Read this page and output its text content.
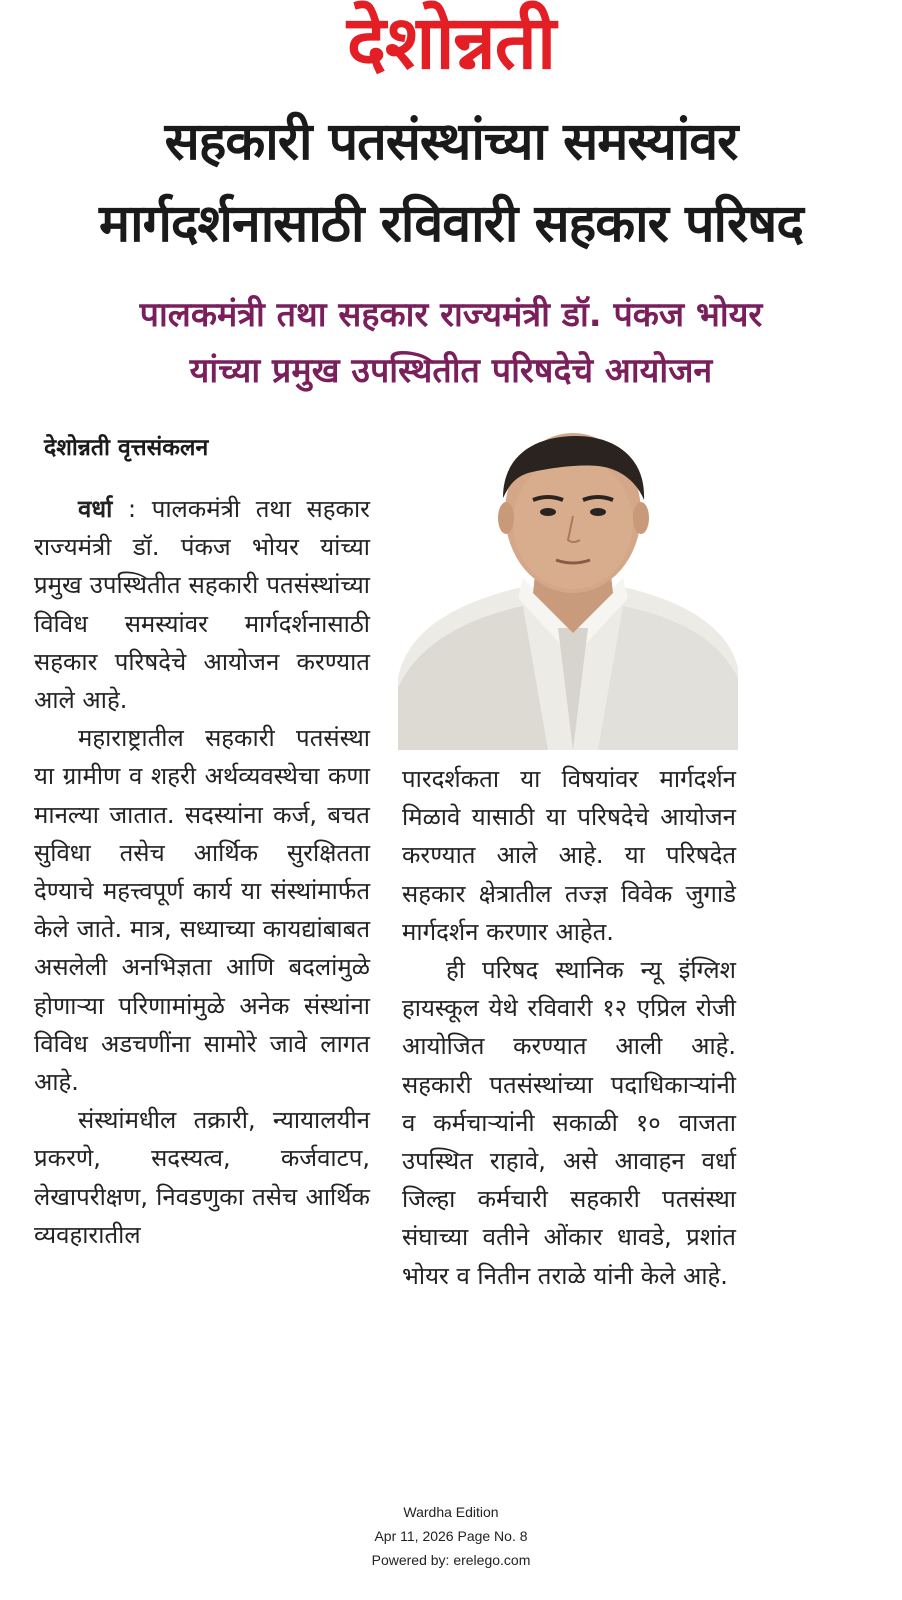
देशोन्नती
सहकारी पतसंस्थांच्या समस्यांवर
मार्गदर्शनासाठी रविवारी सहकार परिषद
पालकमंत्री तथा सहकार राज्यमंत्री डॉ. पंकज भोयर
यांच्या प्रमुख उपस्थितीत परिषदेचे आयोजन
देशोन्नती वृत्तसंकलन

वर्धा : पालकमंत्री तथा सहकार राज्यमंत्री डॉ. पंकज भोयर यांच्या प्रमुख उपस्थितीत सहकारी पतसंस्थांच्या विविध समस्यांवर मार्गदर्शनासाठी सहकार परिषदेचे आयोजन करण्यात आले आहे.

महाराष्ट्रातील सहकारी पतसंस्था या ग्रामीण व शहरी अर्थव्यवस्थेचा कणा मानल्या जातात. सदस्यांना कर्ज, बचत सुविधा तसेच आर्थिक सुरक्षितता देण्याचे महत्त्वपूर्ण कार्य या संस्थांमार्फत केले जाते. मात्र, सध्याच्या कायद्यांबाबत असलेली अनभिज्ञता आणि बदलांमुळे होणाऱ्या परिणामांमुळे अनेक संस्थांना विविध अडचणींना सामोरे जावे लागत आहे.

संस्थांमधील तक्रारी, न्यायालयीन प्रकरणे, सदस्यत्व, कर्जवाटप, लेखापरीक्षण, निवडणुका तसेच आर्थिक व्यवहारातील

पारदर्शकता या विषयांवर मार्गदर्शन मिळावे यासाठी या परिषदेचे आयोजन करण्यात आले आहे. या परिषदेत सहकार क्षेत्रातील तज्ज्ञ विवेक जुगाडे मार्गदर्शन करणार आहेत.

ही परिषद स्थानिक न्यू इंग्लिश हायस्कूल येथे रविवारी १२ एप्रिल रोजी आयोजित करण्यात आली आहे. सहकारी पतसंस्थांच्या पदाधिकाऱ्यांनी व कर्मचाऱ्यांनी सकाळी १० वाजता उपस्थित राहावे, असे आवाहन वर्धा जिल्हा कर्मचारी सहकारी पतसंस्था संघाच्या वतीने ओंकार धावडे, प्रशांत भोयर व नितीन तराळे यांनी केले आहे.

Wardha Edition
Apr 11, 2026 Page No. 8
Powered by: erelego.com
